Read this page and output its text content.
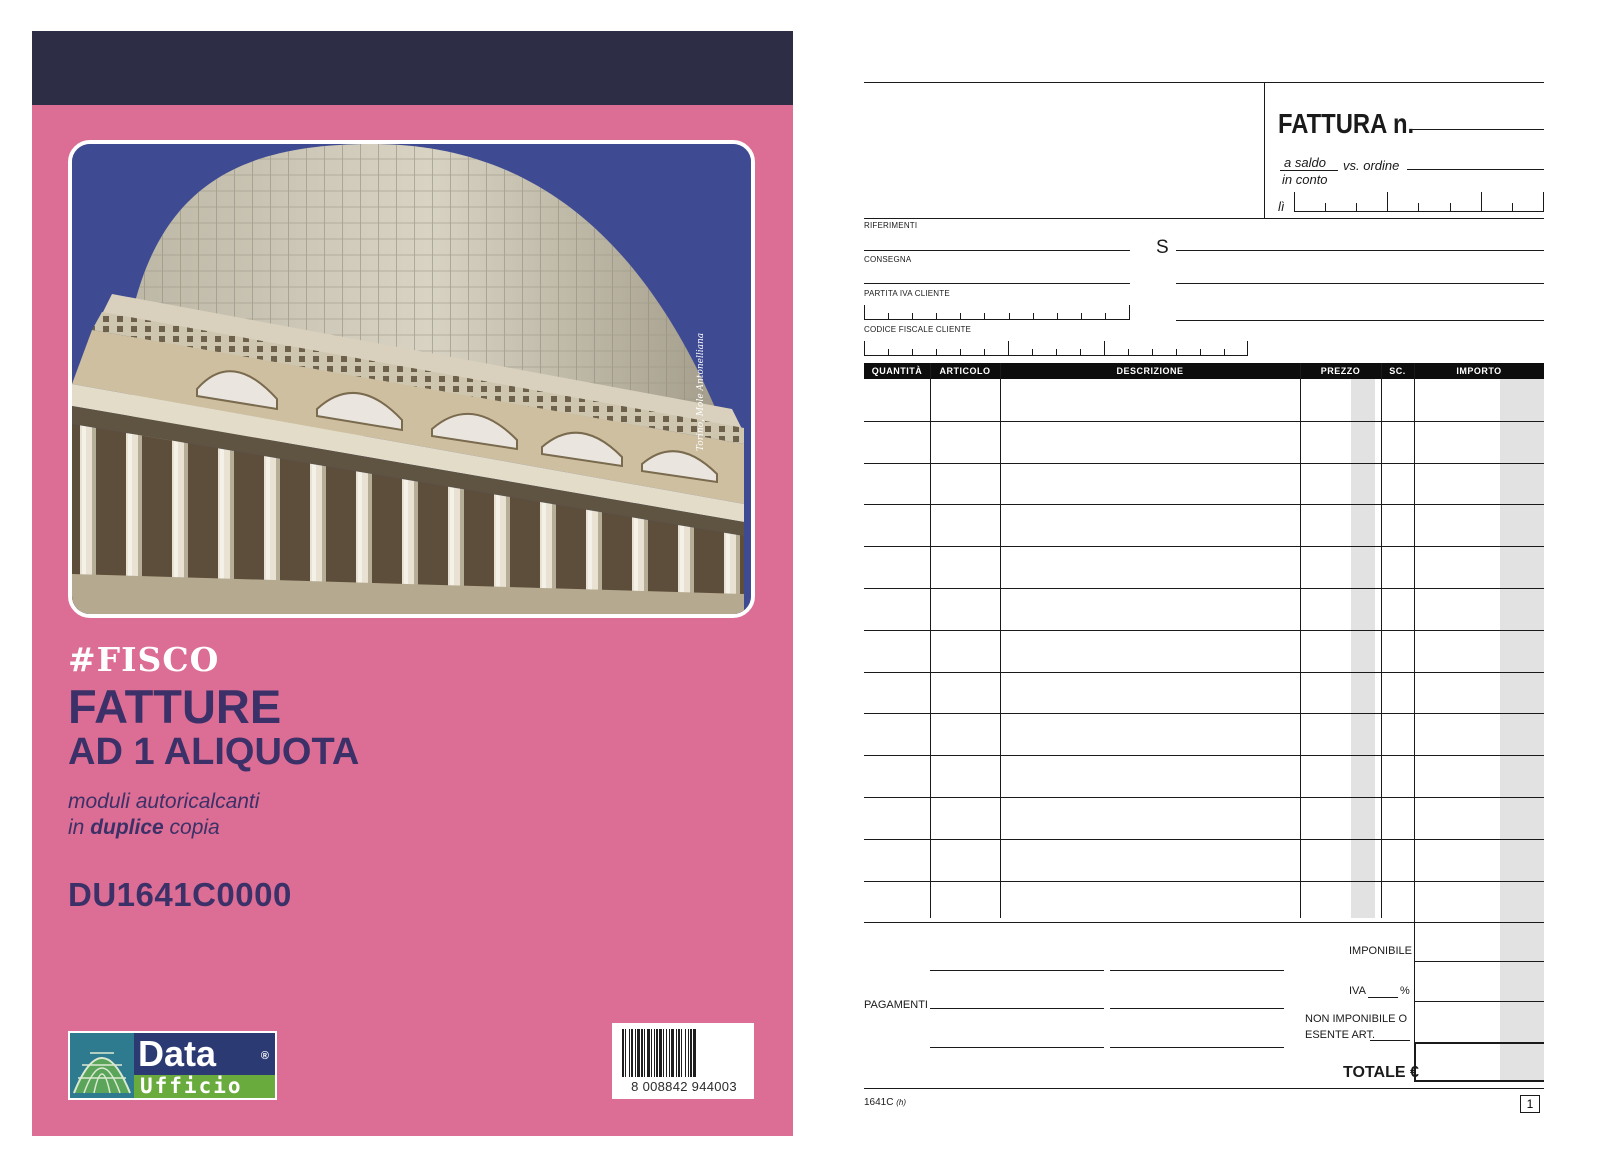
Torino, Mole Antonelliana
#FISCO
FATTURE
AD 1 ALIQUOTA
moduli autoricalcanti
in duplice copia
DU1641C0000
Data	®
Ufficio	8 008842 944003
FATTURA n.
a saldo
in conto
vs. ordine
lì
RIFERIMENTI
S
CONSEGNA
PARTITA IVA CLIENTE
CODICE FISCALE CLIENTE
QUANTITÀ	ARTICOLO	DESCRIZIONE	PREZZO	SC.	IMPORTO
IMPONIBILE
IVA	%
NON IMPONIBILE O
ESENTE ART.
TOTALE €
PAGAMENTI
1641C (h)	1
